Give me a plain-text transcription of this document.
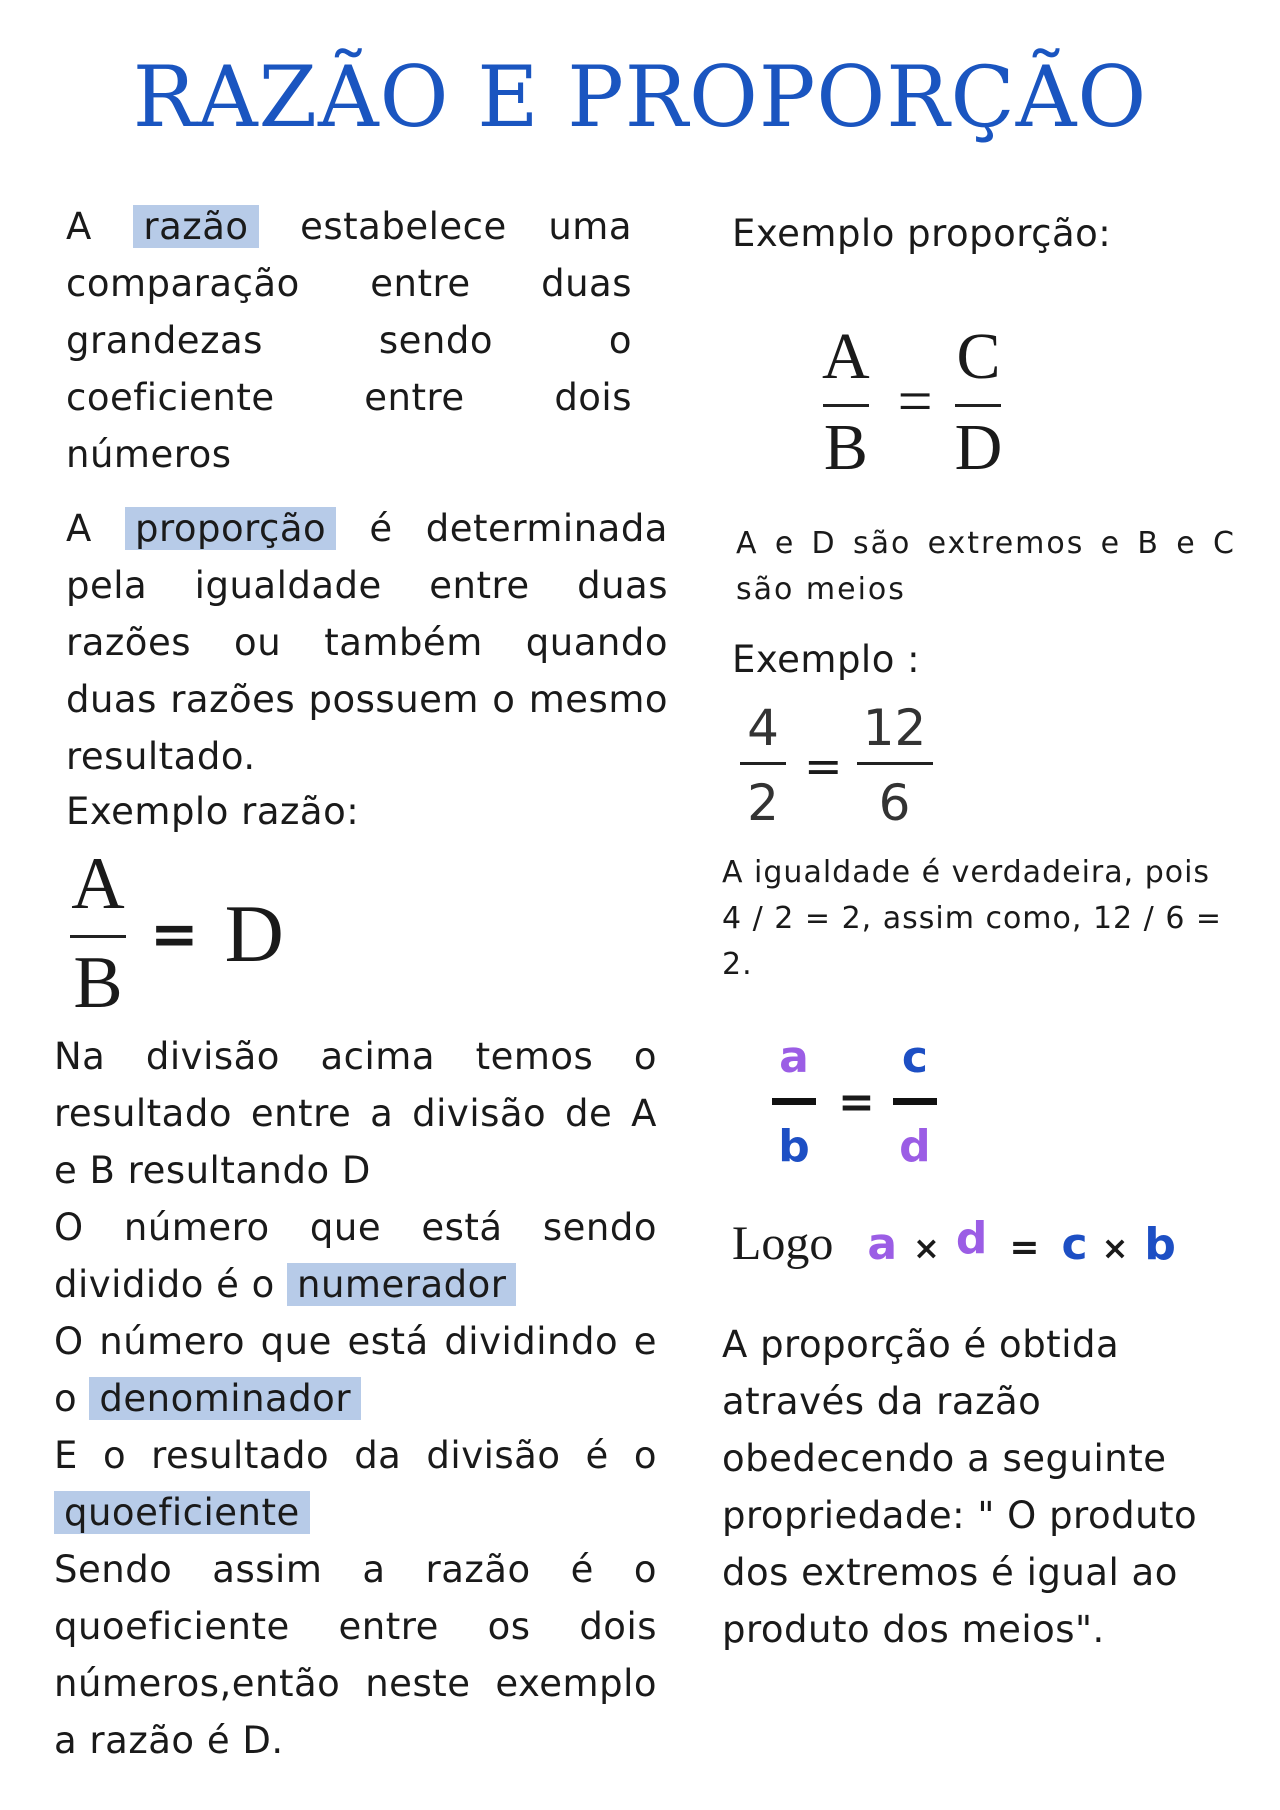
RAZÃO E PROPORÇÃO
A razão estabelece uma comparação entre duas grandezas sendo o coeficiente entre dois números
A proporção é determinada pela igualdade entre duas razões ou também quando duas razões possuem o mesmo resultado.
Exemplo razão:
A
B
= D
Na divisão acima temos o resultado entre a divisão de A e B resultando D
O número que está sendo dividido é o numerador
O número que está dividindo e o denominador
E o resultado da divisão é o quoeficiente
Sendo assim a razão é o quoeficiente entre os dois números,então neste exemplo a razão é D.
Exemplo proporção:
A
B
=
C
D
A e D são extremos e B e C são meios
Exemplo :
4
2
=
12
6
A igualdade é verdadeira, pois 4 / 2 = 2, assim como, 12 / 6 = 2.
a
b
=
c
d
Logo a × d = c × b
A proporção é obtida através da razão obedecendo a seguinte propriedade: " O produto dos extremos é igual ao produto dos meios".
